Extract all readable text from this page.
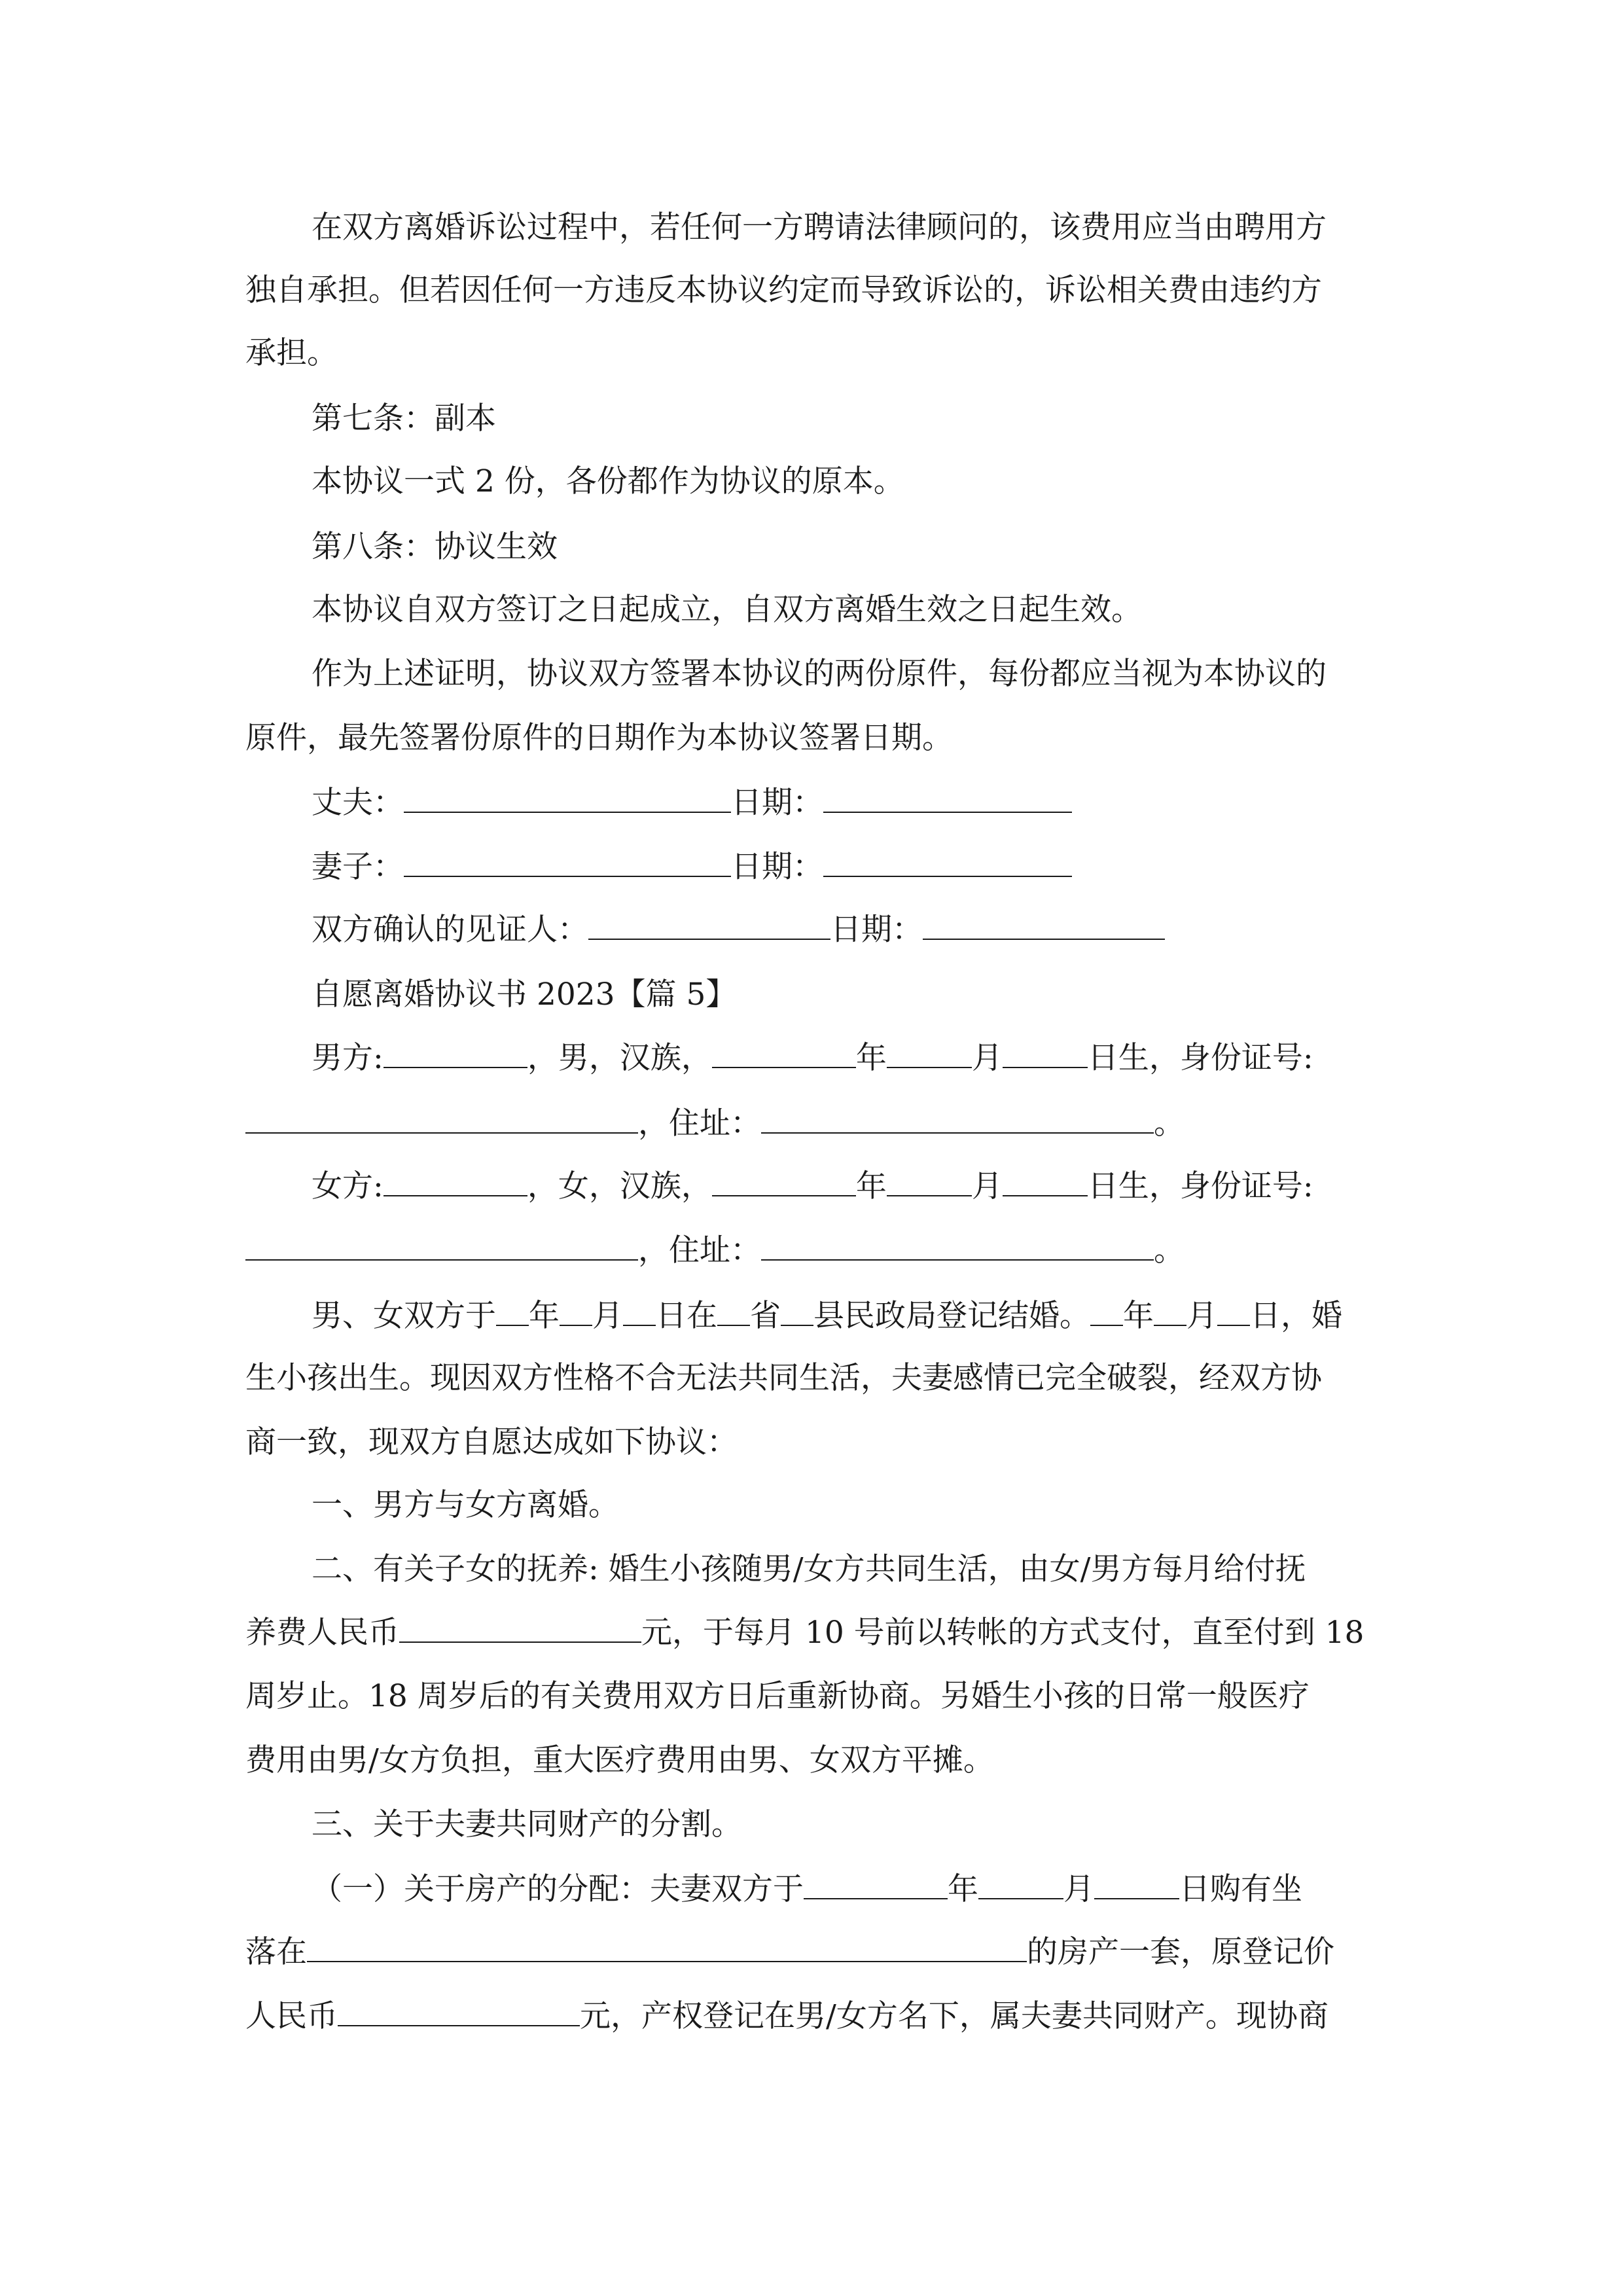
在双方离婚诉讼过程中，若任何一方聘请法律顾问的，该费用应当由聘用方
独自承担。但若因任何一方违反本协议约定而导致诉讼的，诉讼相关费由违约方
承担。
第七条：副本
本协议一式 2 份，各份都作为协议的原本。
第八条：协议生效
本协议自双方签订之日起成立，自双方离婚生效之日起生效。
作为上述证明，协议双方签署本协议的两份原件，每份都应当视为本协议的
原件，最先签署份原件的日期作为本协议签署日期。
丈夫：	日期：
妻子：	日期：
双方确认的见证人：	日期：
自愿离婚协议书 2023【篇 5】
男方:	，男，汉族，	年	月	日生，身份证号:
，住址：	。
女方:	，女，汉族，	年	月	日生，身份证号:
，住址：	。
男、女双方于 年 月 日在 省 县民政局登记结婚。 年 月 日，婚
生小孩出生。现因双方性格不合无法共同生活，夫妻感情已完全破裂，经双方协
商一致，现双方自愿达成如下协议：
一、男方与女方离婚。
二、有关子女的抚养: 婚生小孩随男/女方共同生活，由女/男方每月给付抚
养费人民币	元，于每月 10 号前以转帐的方式支付，直至付到 18
周岁止。18 周岁后的有关费用双方日后重新协商。另婚生小孩的日常一般医疗
费用由男/女方负担，重大医疗费用由男、女双方平摊。
三、关于夫妻共同财产的分割。
（一）关于房产的分配：夫妻双方于	年	月	日购有坐
落在	的房产一套，原登记价
人民币	元，产权登记在男/女方名下，属夫妻共同财产。现协商
